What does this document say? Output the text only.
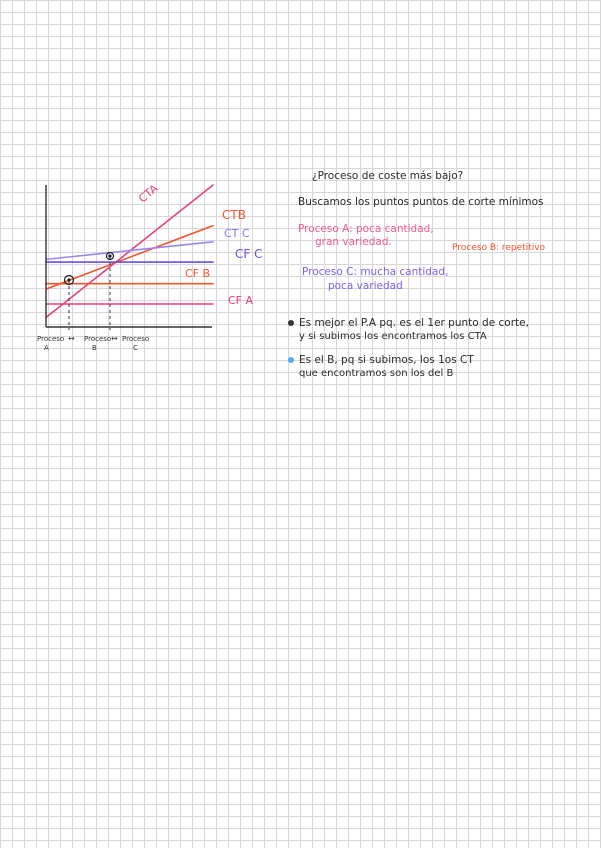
CTA
CTB
CT C
CF C
CF B
CF A
Proceso
A
↔ Proceso
B
↔ Proceso
C
¿Proceso de coste más bajo?
Buscamos los puntos puntos de corte mínimos
Proceso A: poca cantidad,
gran variedad.	Proceso B: repetitivo
Proceso C: mucha cantidad,
poca variedad
Es mejor el P.A pq. es el 1er punto de corte,
y si subimos los encontramos los CTA
Es el B, pq si subimos, los 1os CT
que encontramos son los del B
